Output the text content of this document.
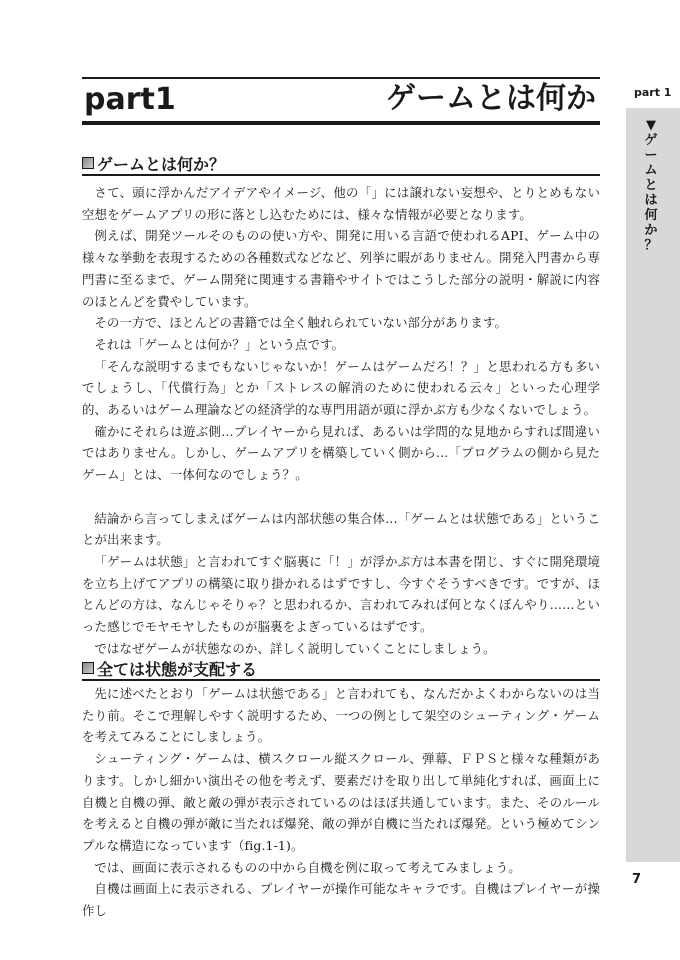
part1	ゲームとは何か	part 1
▼
ゲ
ー
ム
と
は
何
か
？
7
ゲームとは何か？

さて、頭に浮かんだアイデアやイメージ、他の「」には譲れない妄想や、とりとめもない空想をゲームアプリの形に落とし込むためには、様々な情報が必要となります。

例えば、開発ツールそのものの使い方や、開発に用いる言語で使われるAPI、ゲーム中の様々な挙動を表現するための各種数式などなど、列挙に暇がありません。開発入門書から専門書に至るまで、ゲーム開発に関連する書籍やサイトではこうした部分の説明・解説に内容のほとんどを費やしています。

その一方で、ほとんどの書籍では全く触れられていない部分があります。

それは「ゲームとは何か？」という点です。

「そんな説明するまでもないじゃないか！ゲームはゲームだろ！？」と思われる方も多いでしょうし、「代償行為」とか「ストレスの解消のために使われる云々」といった心理学的、あるいはゲーム理論などの経済学的な専門用語が頭に浮かぶ方も少なくないでしょう。

確かにそれらは遊ぶ側…プレイヤーから見れば、あるいは学問的な見地からすれば間違いではありません。しかし、ゲームアプリを構築していく側から…「プログラムの側から見たゲーム」とは、一体何なのでしょう？。

結論から言ってしまえばゲームは内部状態の集合体…「ゲームとは状態である」ということが出来ます。

「ゲームは状態」と言われてすぐ脳裏に「！」が浮かぶ方は本書を閉じ、すぐに開発環境を立ち上げてアプリの構築に取り掛かれるはずですし、今すぐそうすべきです。ですが、ほとんどの方は、なんじゃそりゃ？と思われるか、言われてみれば何となくぼんやり……といった感じでモヤモヤしたものが脳裏をよぎっているはずです。

ではなぜゲームが状態なのか、詳しく説明していくことにしましょう。

全ては状態が支配する

先に述べたとおり「ゲームは状態である」と言われても、なんだかよくわからないのは当たり前。そこで理解しやすく説明するため、一つの例として架空のシューティング・ゲームを考えてみることにしましょう。

シューティング・ゲームは、横スクロール縦スクロール、弾幕、ＦＰＳと様々な種類があります。しかし細かい演出その他を考えず、要素だけを取り出して単純化すれば、画面上に自機と自機の弾、敵と敵の弾が表示されているのはほぼ共通しています。また、そのルールを考えると自機の弾が敵に当たれば爆発、敵の弾が自機に当たれば爆発。という極めてシンプルな構造になっています（fig.1-1)。

では、画面に表示されるものの中から自機を例に取って考えてみましょう。

自機は画面上に表示される、プレイヤーが操作可能なキャラです。自機はプレイヤーが操作し
